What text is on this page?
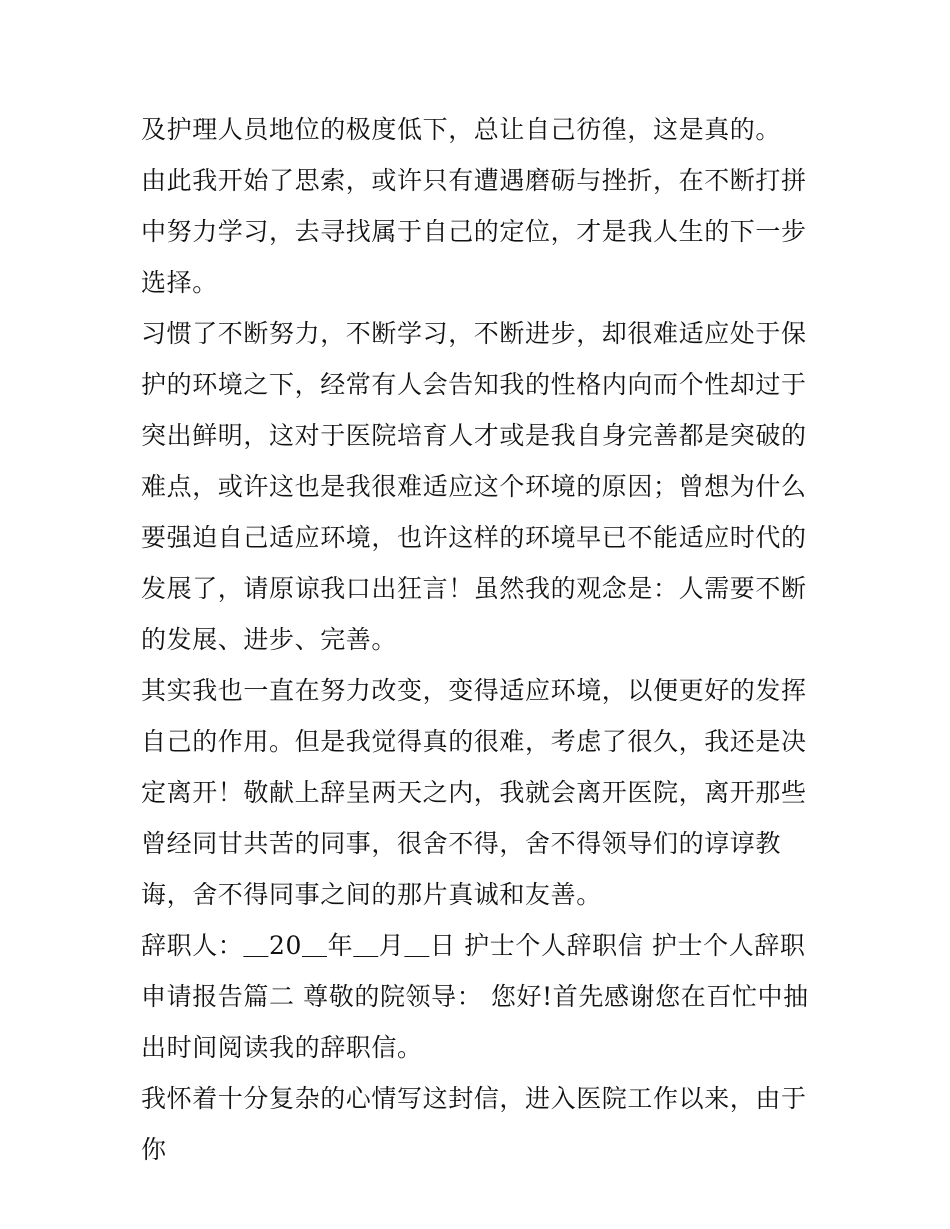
及护理人员地位的极度低下，总让自己彷徨，这是真的。

由此我开始了思索，或许只有遭遇磨砺与挫折，在不断打拼中努力学习，去寻找属于自己的定位，才是我人生的下一步选择。

习惯了不断努力，不断学习，不断进步，却很难适应处于保护的环境之下，经常有人会告知我的性格内向而个性却过于突出鲜明，这对于医院培育人才或是我自身完善都是突破的难点，或许这也是我很难适应这个环境的原因；曾想为什么要强迫自己适应环境，也许这样的环境早已不能适应时代的发展了，请原谅我口出狂言！虽然我的观念是：人需要不断的发展、进步、完善。

其实我也一直在努力改变，变得适应环境，以便更好的发挥自己的作用。但是我觉得真的很难，考虑了很久，我还是决定离开！敬献上辞呈两天之内，我就会离开医院，离开那些曾经同甘共苦的同事，很舍不得，舍不得领导们的谆谆教诲，舍不得同事之间的那片真诚和友善。

辞职人：＿20＿年＿月＿日 护士个人辞职信 护士个人辞职申请报告篇二 尊敬的院领导： 您好!首先感谢您在百忙中抽出时间阅读我的辞职信。

我怀着十分复杂的心情写这封信，进入医院工作以来，由于你
